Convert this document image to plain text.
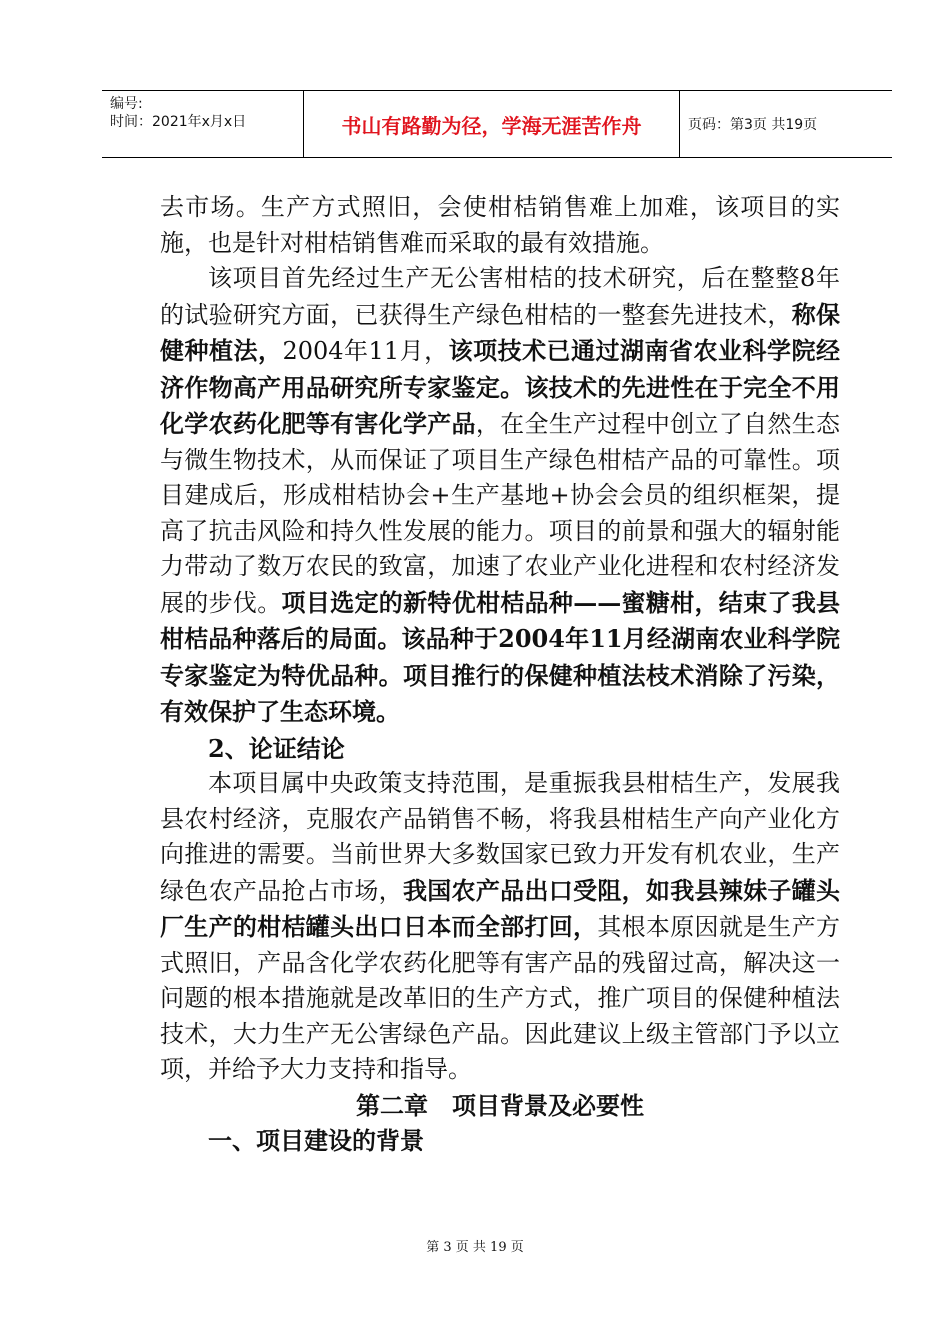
编号:
时间：2021年x月x日	书山有路勤为径，学海无涯苦作舟	页码：第3页 共19页

去市场。生产方式照旧，会使柑桔销售难上加难，该项目的实施，也是针对柑桔销售难而采取的最有效措施。

该项目首先经过生产无公害柑桔的技术研究，后在整整8年的试验研究方面，已获得生产绿色柑桔的一整套先进技术，称保健种植法，2004年11月，该项技术已通过湖南省农业科学院经济作物高产用品研究所专家鉴定。该技术的先进性在于完全不用化学农药化肥等有害化学产品，在全生产过程中创立了自然生态与微生物技术，从而保证了项目生产绿色柑桔产品的可靠性。项目建成后，形成柑桔协会+生产基地+协会会员的组织框架，提高了抗击风险和持久性发展的能力。项目的前景和强大的辐射能力带动了数万农民的致富，加速了农业产业化进程和农村经济发展的步伐。项目选定的新特优柑桔品种——蜜糖柑，结束了我县柑桔品种落后的局面。该品种于2004年11月经湖南农业科学院专家鉴定为特优品种。项目推行的保健种植法枝术消除了污染，有效保护了生态环境。

2、论证结论

本项目属中央政策支持范围，是重振我县柑桔生产，发展我县农村经济，克服农产品销售不畅，将我县柑桔生产向产业化方向推进的需要。当前世界大多数国家已致力开发有机农业，生产绿色农产品抢占市场，我国农产品出口受阻，如我县辣妹子罐头厂生产的柑桔罐头出口日本而全部打回，其根本原因就是生产方式照旧，产品含化学农药化肥等有害产品的残留过高，解决这一问题的根本措施就是改革旧的生产方式，推广项目的保健种植法技术，大力生产无公害绿色产品。因此建议上级主管部门予以立项，并给予大力支持和指导。

第二章　项目背景及必要性

一、项目建设的背景

第 3 页 共 19 页
